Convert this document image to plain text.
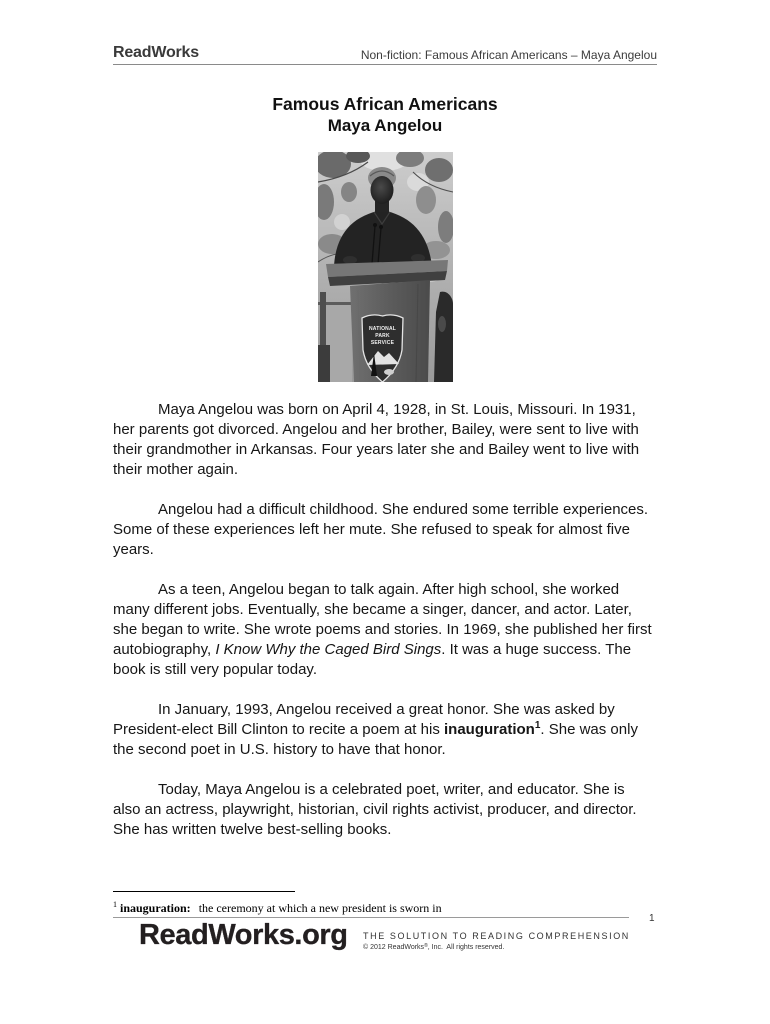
ReadWorks	Non-fiction: Famous African Americans – Maya Angelou
Famous African Americans
Maya Angelou
NATIONAL
PARK
SERVICE
Maya Angelou was born on April 4, 1928, in St. Louis, Missouri. In 1931,
her parents got divorced. Angelou and her brother, Bailey, were sent to live with
their grandmother in Arkansas. Four years later she and Bailey went to live with
their mother again.
Angelou had a difficult childhood. She endured some terrible experiences.
Some of these experiences left her mute. She refused to speak for almost five
years.
As a teen, Angelou began to talk again. After high school, she worked
many different jobs. Eventually, she became a singer, dancer, and actor. Later,
she began to write. She wrote poems and stories. In 1969, she published her first
autobiography, I Know Why the Caged Bird Sings. It was a huge success. The
book is still very popular today.
In January, 1993, Angelou received a great honor. She was asked by
President-elect Bill Clinton to recite a poem at his inauguration$^1$. She was only
the second poet in U.S. history to have that honor.
Today, Maya Angelou is a celebrated poet, writer, and educator. She is
also an actress, playwright, historian, civil rights activist, producer, and director.
She has written twelve best-selling books.
$^1$ inauguration: the ceremony at which a new president is sworn in
1
ReadWorks.org THE SOLUTION TO READING COMPREHENSION
© 2012 ReadWorks®, Inc.  All rights reserved.
